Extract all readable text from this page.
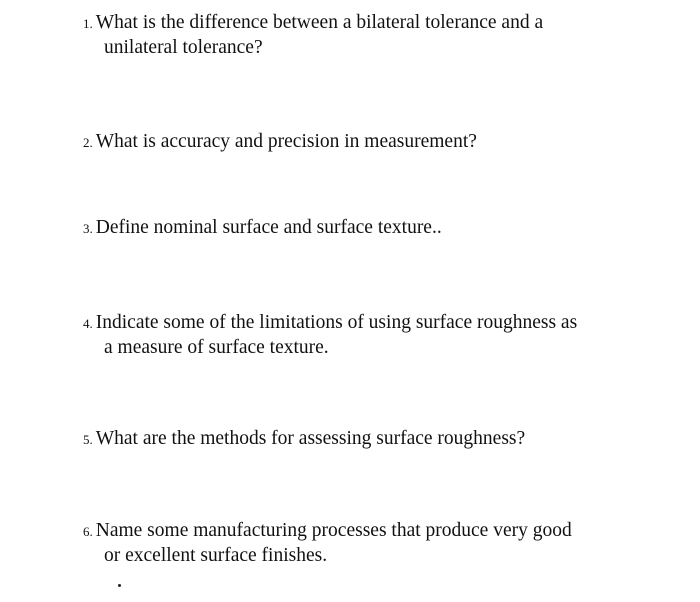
1. What is the difference between a bilateral tolerance and a
unilateral tolerance?
2. What is accuracy and precision in measurement?
3. Define nominal surface and surface texture..
4. Indicate some of the limitations of using surface roughness as
a measure of surface texture.
5. What are the methods for assessing surface roughness?
6. Name some manufacturing processes that produce very good
or excellent surface finishes.
